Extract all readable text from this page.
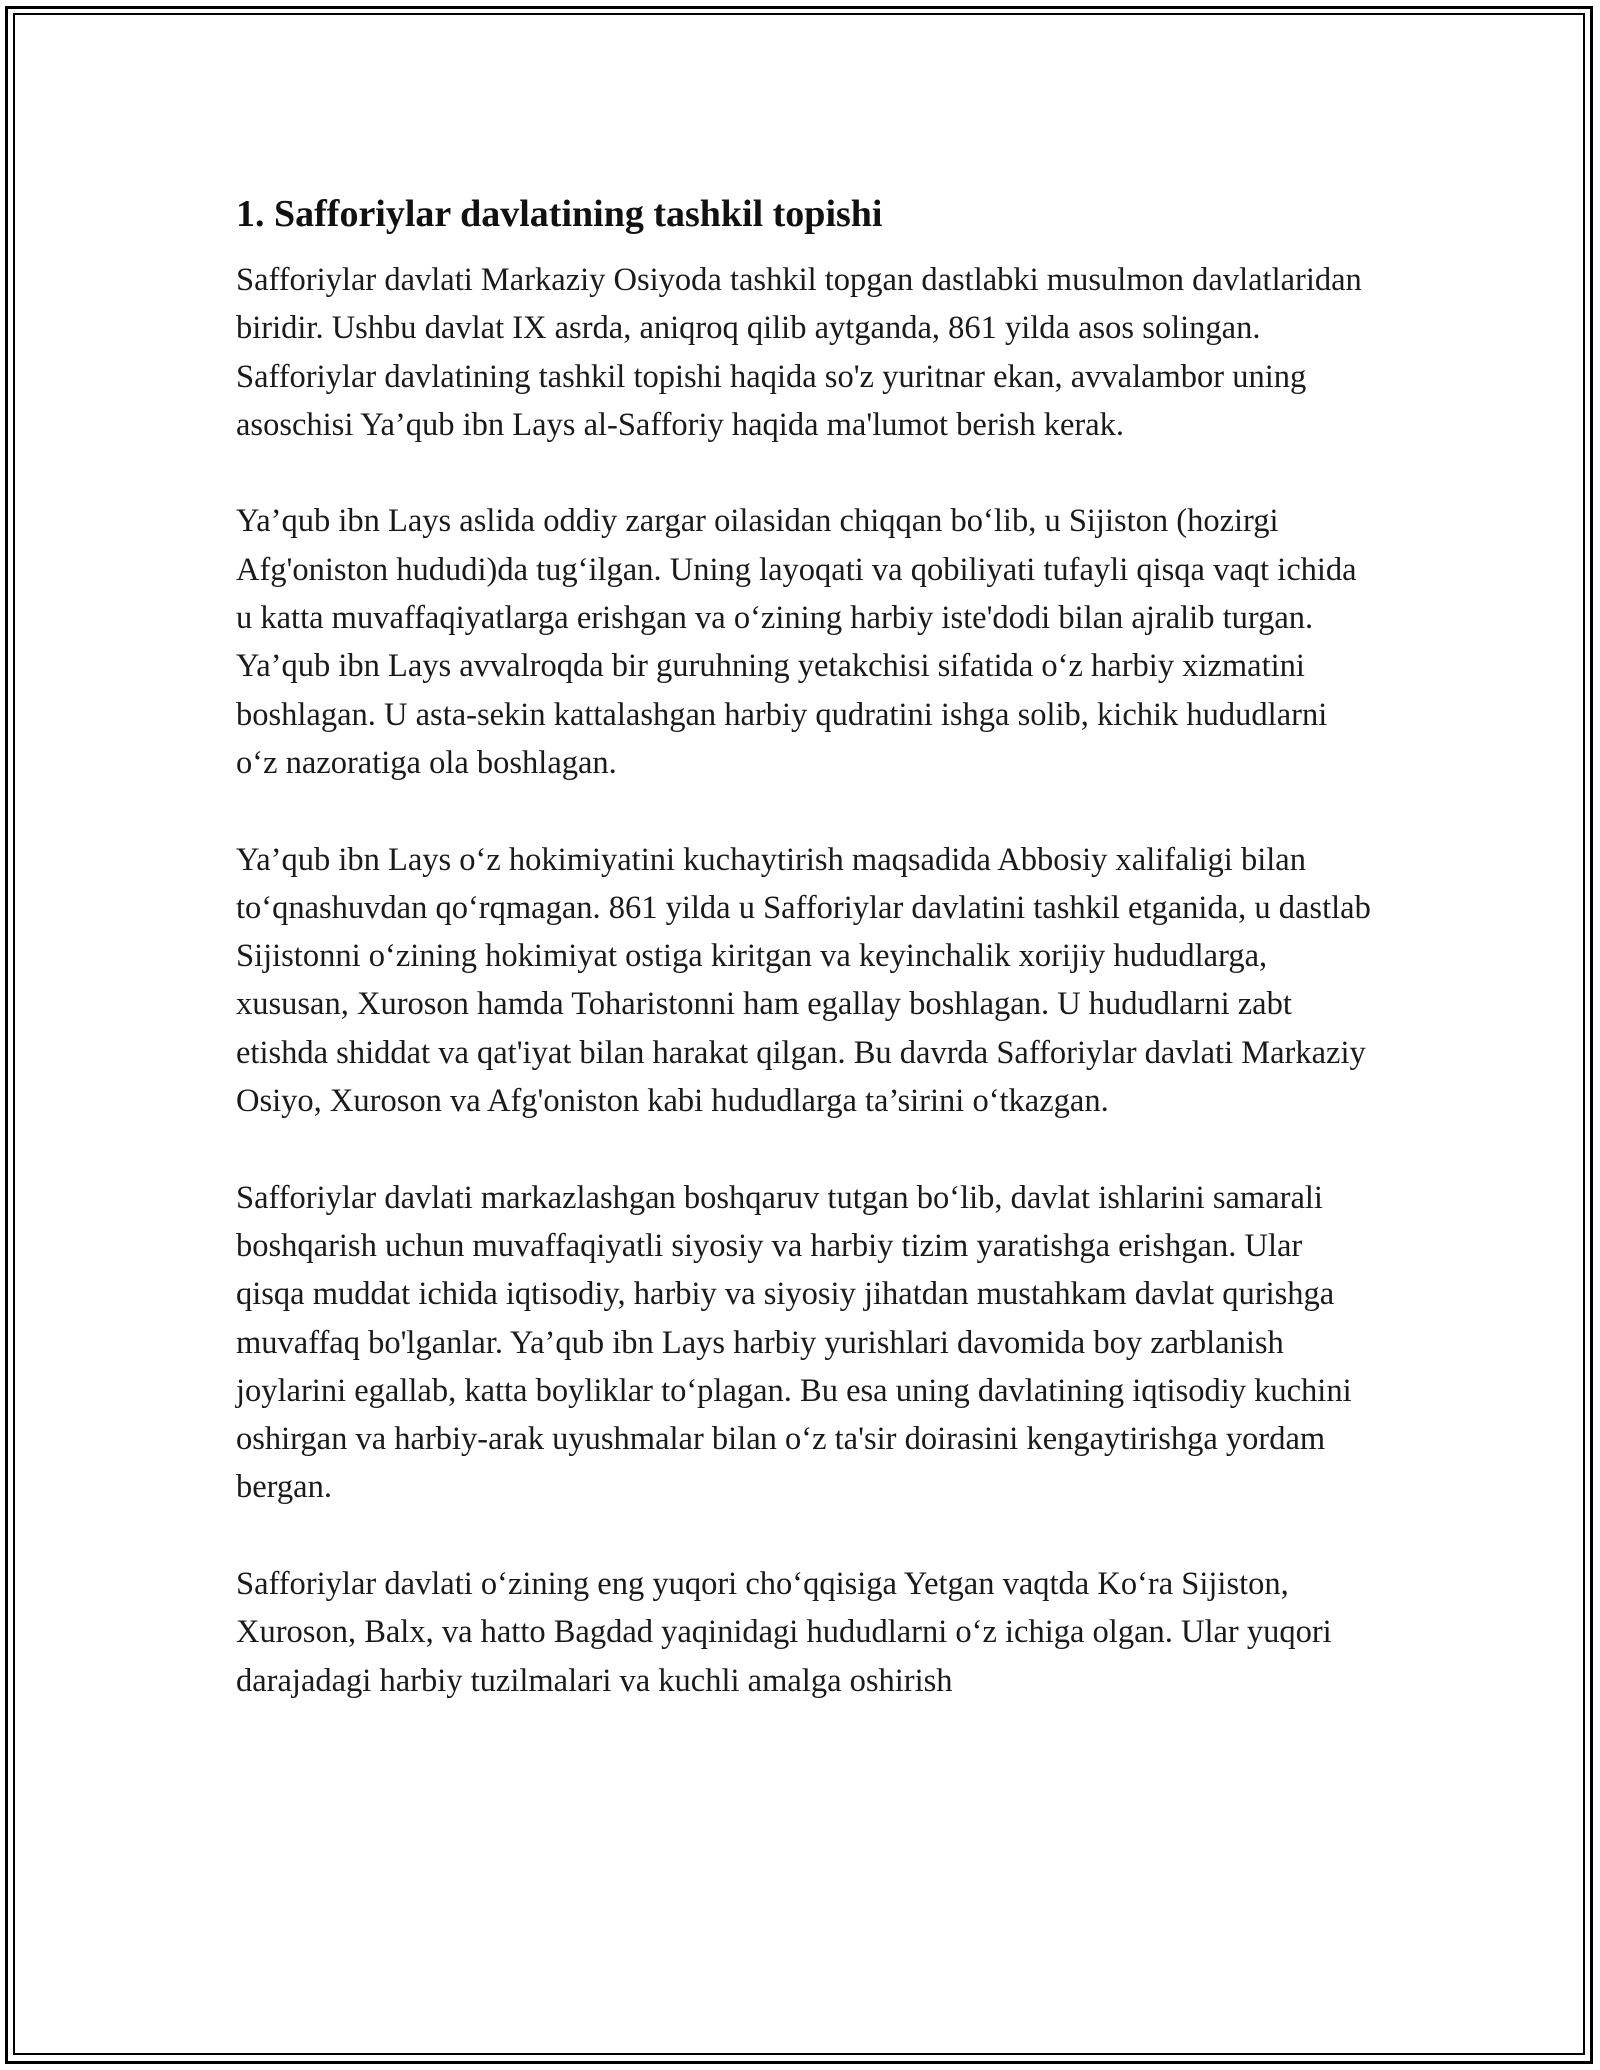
1. Safforiylar davlatining tashkil topishi

Safforiylar davlati Markaziy Osiyoda tashkil topgan dastlabki musulmon davlatlaridan biridir. Ushbu davlat IX asrda, aniqroq qilib aytganda, 861 yilda asos solingan. Safforiylar davlatining tashkil topishi haqida so'z yuritnar ekan, avvalambor uning asoschisi Ya’qub ibn Lays al-Safforiy haqida ma'lumot berish kerak.

Ya’qub ibn Lays aslida oddiy zargar oilasidan chiqqan bo‘lib, u Sijiston (hozirgi Afg'oniston hududi)da tug‘ilgan. Uning layoqati va qobiliyati tufayli qisqa vaqt ichida u katta muvaffaqiyatlarga erishgan va o‘zining harbiy iste'dodi bilan ajralib turgan. Ya’qub ibn Lays avvalroqda bir guruhning yetakchisi sifatida o‘z harbiy xizmatini boshlagan. U asta-sekin kattalashgan harbiy qudratini ishga solib, kichik hududlarni o‘z nazoratiga ola boshlagan.

Ya’qub ibn Lays o‘z hokimiyatini kuchaytirish maqsadida Abbosiy xalifaligi bilan to‘qnashuvdan qo‘rqmagan. 861 yilda u Safforiylar davlatini tashkil etganida, u dastlab Sijistonni o‘zining hokimiyat ostiga kiritgan va keyinchalik xorijiy hududlarga, xususan, Xuroson hamda Toharistonni ham egallay boshlagan. U hududlarni zabt etishda shiddat va qat'iyat bilan harakat qilgan. Bu davrda Safforiylar davlati Markaziy Osiyo, Xuroson va Afg'oniston kabi hududlarga ta’sirini o‘tkazgan.

Safforiylar davlati markazlashgan boshqaruv tutgan bo‘lib, davlat ishlarini samarali boshqarish uchun muvaffaqiyatli siyosiy va harbiy tizim yaratishga erishgan. Ular qisqa muddat ichida iqtisodiy, harbiy va siyosiy jihatdan mustahkam davlat qurishga muvaffaq bo'lganlar. Ya’qub ibn Lays harbiy yurishlari davomida boy zarblanish joylarini egallab, katta boyliklar to‘plagan. Bu esa uning davlatining iqtisodiy kuchini oshirgan va harbiy-arak uyushmalar bilan o‘z ta'sir doirasini kengaytirishga yordam bergan.

Safforiylar davlati o‘zining eng yuqori cho‘qqisiga Yetgan vaqtda Ko‘ra Sijiston, Xuroson, Balx, va hatto Bagdad yaqinidagi hududlarni o‘z ichiga olgan. Ular yuqori darajadagi harbiy tuzilmalari va kuchli amalga oshirish
